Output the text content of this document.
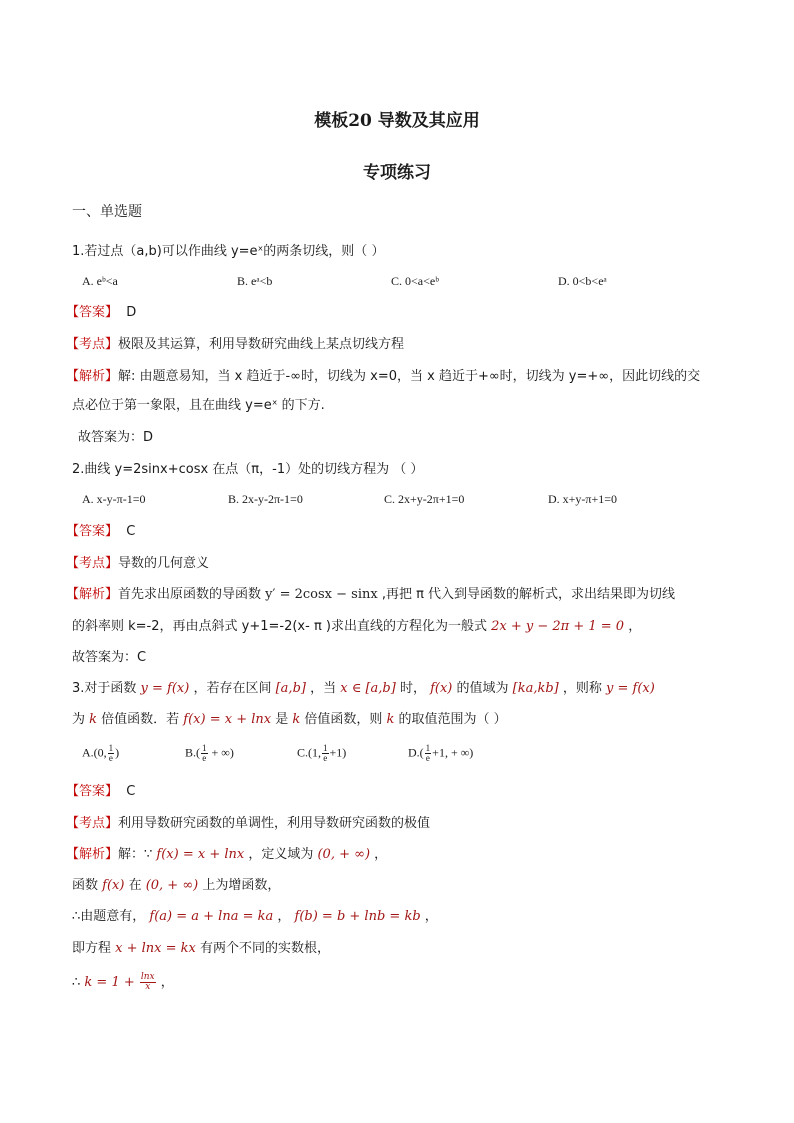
模板20 导数及其应用
专项练习
一、单选题
1.若过点（a,b)可以作曲线 y=eˣ的两条切线，则（ ）
A. eᵇ<a	B. eᵃ<b	C. 0<a<eᵇ	D. 0<b<eᵃ
【答案】 D
【考点】极限及其运算，利用导数研究曲线上某点切线方程
【解析】解: 由题意易知，当 x 趋近于-∞时，切线为 x=0，当 x 趋近于+∞时，切线为 y=+∞，因此切线的交
点必位于第一象限，且在曲线 y=eˣ 的下方.
故答案为：D
2.曲线 y=2sinx+cosx 在点（π，-1）处的切线方程为 （ ）
A. x-y-π-1=0	B. 2x-y-2π-1=0	C. 2x+y-2π+1=0	D. x+y-π+1=0
【答案】 C
【考点】导数的几何意义
【解析】首先求出原函数的导函数 y′ = 2cosx − sinx ,再把 π 代入到导函数的解析式，求出结果即为切线
的斜率则 k=-2，再由点斜式 y+1=-2(x- π )求出直线的方程化为一般式 2x + y − 2π + 1 = 0 ，
故答案为：C
3.对于函数 y = f(x) ，若存在区间 [a,b] ，当 x ∈ [a,b] 时， f(x) 的值域为 [ka,kb] ，则称 y = f(x)
为 k 倍值函数．若 f(x) = x + lnx 是 k 倍值函数，则 k 的取值范围为（ ）
A.(0, $\frac{1}{e}$ )	$B.( \frac{1}{e}$ + ∞)	C.(1, $\frac{1}{e} +1$)	$D.( \frac{1}{e} +1$, + ∞)
【答案】 C
【考点】利用导数研究函数的单调性，利用导数研究函数的极值
【解析】解：∵ f(x) = x + lnx ，定义域为 (0, + ∞) ，
函数 f(x) 在 (0, + ∞) 上为增函数，
∴由题意有， f(a) = a + lna = ka ， f(b) = b + lnb = kb ，
即方程 x + lnx = kx 有两个不同的实数根，
∴ $k = 1 + \frac{\ln x}{x}$ ，
